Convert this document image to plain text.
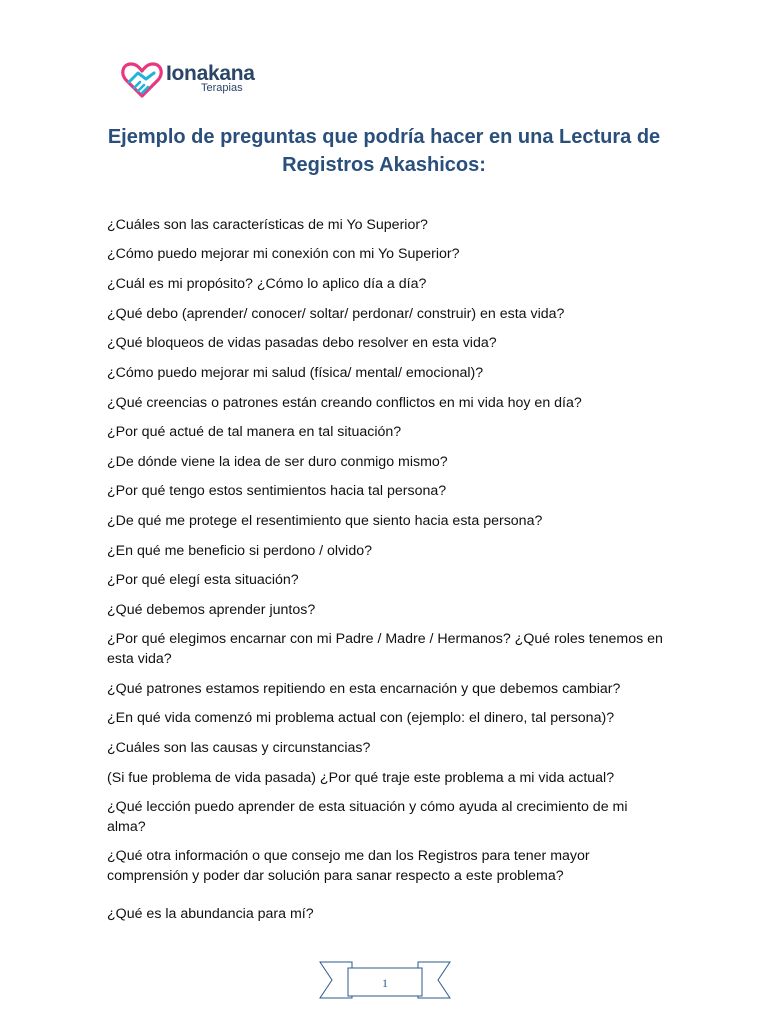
Ionakana
Terapias
Ejemplo de preguntas que podría hacer en una Lectura de
Registros Akashicos:

¿Cuáles son las características de mi Yo Superior?

¿Cómo puedo mejorar mi conexión con mi Yo Superior?

¿Cuál es mi propósito? ¿Cómo lo aplico día a día?

¿Qué debo (aprender/ conocer/ soltar/ perdonar/ construir) en esta vida?

¿Qué bloqueos de vidas pasadas debo resolver en esta vida?

¿Cómo puedo mejorar mi salud (física/ mental/ emocional)?

¿Qué creencias o patrones están creando conflictos en mi vida hoy en día?

¿Por qué actué de tal manera en tal situación?

¿De dónde viene la idea de ser duro conmigo mismo?

¿Por qué tengo estos sentimientos hacia tal persona?

¿De qué me protege el resentimiento que siento hacia esta persona?

¿En qué me beneficio si perdono / olvido?

¿Por qué elegí esta situación?

¿Qué debemos aprender juntos?

¿Por qué elegimos encarnar con mi Padre / Madre / Hermanos? ¿Qué roles tenemos en esta vida?

¿Qué patrones estamos repitiendo en esta encarnación y que debemos cambiar?

¿En qué vida comenzó mi problema actual con (ejemplo: el dinero, tal persona)?

¿Cuáles son las causas y circunstancias?

(Si fue problema de vida pasada) ¿Por qué traje este problema a mi vida actual?

¿Qué lección puedo aprender de esta situación y cómo ayuda al crecimiento de mi alma?

¿Qué otra información o que consejo me dan los Registros para tener mayor comprensión y poder dar solución para sanar respecto a este problema?

¿Qué es la abundancia para mí?

1
